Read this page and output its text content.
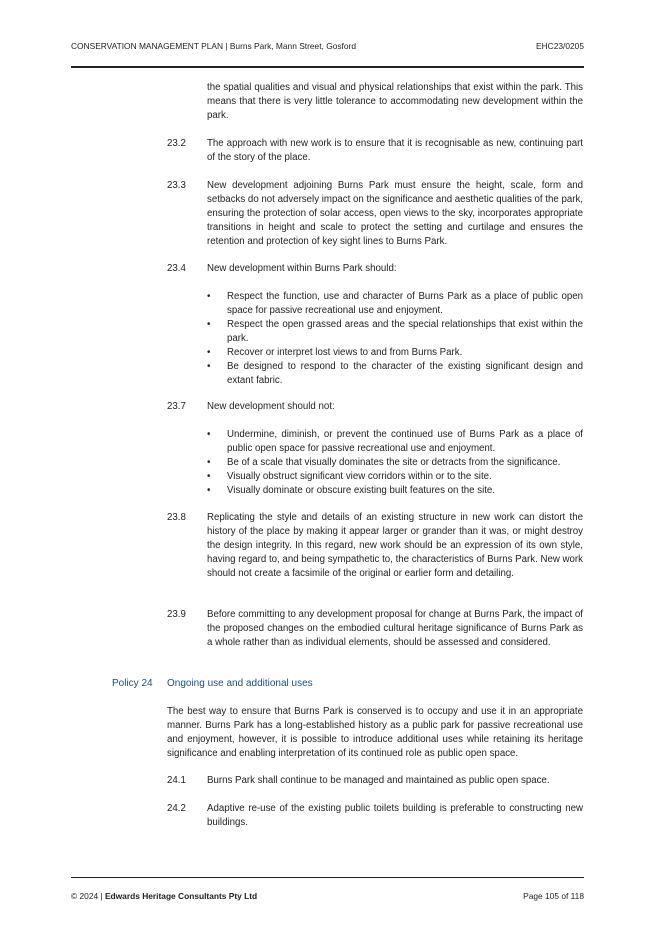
CONSERVATION MANAGEMENT PLAN | Burns Park, Mann Street, Gosford	EHC23/0205
the spatial qualities and visual and physical relationships that exist within the park. This means that there is very little tolerance to accommodating new development within the park.
23.2 The approach with new work is to ensure that it is recognisable as new, continuing part of the story of the place.
23.3 New development adjoining Burns Park must ensure the height, scale, form and setbacks do not adversely impact on the significance and aesthetic qualities of the park, ensuring the protection of solar access, open views to the sky, incorporates appropriate transitions in height and scale to protect the setting and curtilage and ensures the retention and protection of key sight lines to Burns Park.
23.4 New development within Burns Park should:
• Respect the function, use and character of Burns Park as a place of public open space for passive recreational use and enjoyment.
• Respect the open grassed areas and the special relationships that exist within the park.
• Recover or interpret lost views to and from Burns Park.
• Be designed to respond to the character of the existing significant design and extant fabric.
23.7 New development should not:
• Undermine, diminish, or prevent the continued use of Burns Park as a place of public open space for passive recreational use and enjoyment.
• Be of a scale that visually dominates the site or detracts from the significance.
• Visually obstruct significant view corridors within or to the site.
• Visually dominate or obscure existing built features on the site.
23.8 Replicating the style and details of an existing structure in new work can distort the history of the place by making it appear larger or grander than it was, or might destroy the design integrity. In this regard, new work should be an expression of its own style, having regard to, and being sympathetic to, the characteristics of Burns Park. New work should not create a facsimile of the original or earlier form and detailing.
23.9 Before committing to any development proposal for change at Burns Park, the impact of the proposed changes on the embodied cultural heritage significance of Burns Park as a whole rather than as individual elements, should be assessed and considered.
Policy 24 Ongoing use and additional uses
The best way to ensure that Burns Park is conserved is to occupy and use it in an appropriate manner. Burns Park has a long-established history as a public park for passive recreational use and enjoyment, however, it is possible to introduce additional uses while retaining its heritage significance and enabling interpretation of its continued role as public open space.
24.1 Burns Park shall continue to be managed and maintained as public open space.
24.2 Adaptive re-use of the existing public toilets building is preferable to constructing new buildings.
© 2024 | Edwards Heritage Consultants Pty Ltd	Page 105 of 118
